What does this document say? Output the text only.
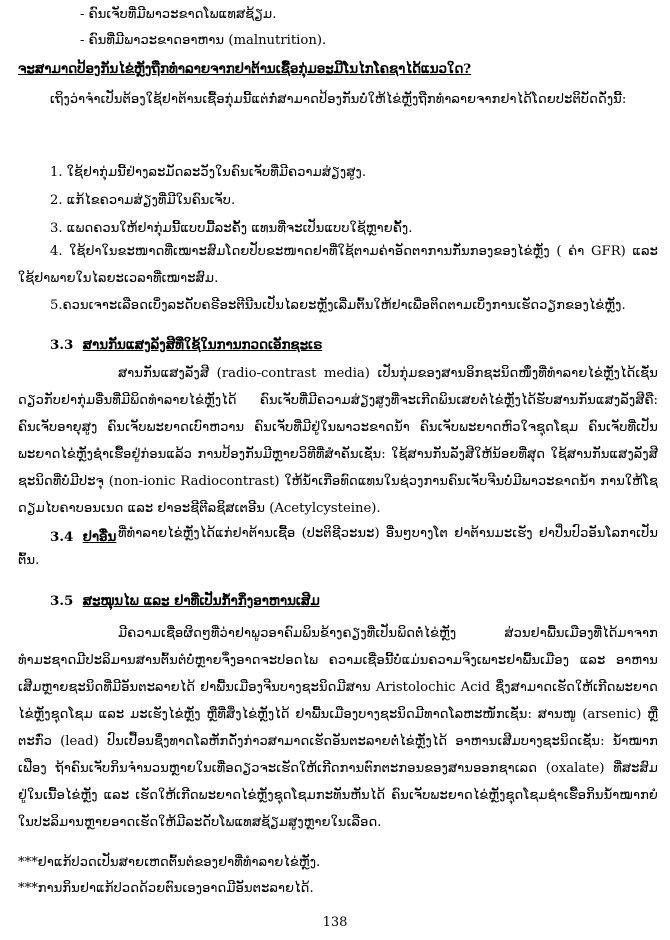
- ຄົນເຈັບທີ່ມີພາວະຂາດໂພແທສຊ້ຽມ.

- ຄົນທີ່ມີພາວະຂາດອາຫານ (malnutrition).

ຈະສາມາດປ້ອງກັນໄຂ່ຫຼັງຖືກທຳລາຍຈາກຢາຕ້ານເຊື້ອກຸ່ມອະມີໂນໄກໂຄຊາໄດ້ແນວໃດ?

ເຖິງວ່າຈຳເປັນຕ້ອງໃຊ້ຢາຕ້ານເຊື້ອກຸ່ມນີ້ແຕ່ກໍ່ສາມາດປ້ອງກັນບໍ່ໃຫ້ໄຂ່ຫຼັງຖືກທຳລາຍຈາກຢາໄດ້ໂດຍປະຕິບັດດັ່ງນີ້:

1. ໃຊ້ຢາກຸ່ມນີ້ຢ່າງລະມັດລະວັງໃນຄົນເຈັບທີ່ມີຄວາມສ່ຽງສູງ.

2. ແກ້ໄຂຄວາມສ່ຽງທີ່ມີໃນຄົນເຈັບ.

3. ແພດຄວນໃຫ້ຢາກຸ່ມນີ້ແບບມື້ລະຄັ້ງ ແທນທີ່ຈະເປັນແບບໃຊ້ຫຼາຍຄັ້ງ.

4. ໃຊ້ຢາໃນຂະໜາດທີ່ເໝາະສົມໂດຍປັບຂະໜາດຢາທີ່ໃຊ້ຕາມຄ່າອັດຕາການກັ່ນກອງຂອງໄຂ່ຫຼັງ ( ຄ່າ GFR) ແລະ ໃຊ້ຢາພາຍໃນໄລຍະເວລາທີ່ເໝາະສົມ.

5.ຄວນເຈາະເລືອດເບິ່ງລະດັບຄຣີອະຕີນີນເປັນໄລຍະຫຼັງເລີ່ມຕົ້ນໃຫ້ຢາເພື່ອຕິດຕາມເບິ່ງການເຮັດວຽກຂອງໄຂ່ຫຼັງ.

3.3 ສານກັນແສງລັງສີທີ່ໃຊ້ໃນການກວດເອັກຊະເຣ

ສານກັນແສງລັງສີ (radio-contrast media) ເປັນກຸ່ມຂອງສານອິກຊະນິດໜຶ່ງທີ່ທຳລາຍໄຂ່ຫຼັງໄດ້ເຊັ່ນດຽວກັບຢາກຸ່ມອື່ນທີ່ມີພິດທຳລາຍໄຂ່ຫຼັງໄດ້ ຄົນເຈັບທີ່ມີຄວາມສ່ຽງສູງທີ່ຈະເກີດພິນເສຍຕໍ່ໄຂ່ຫຼັງໄດ້ຮັບສານກັນແສງລັງສີຄື: ຄົນເຈັບອາຍຸສູງ ຄົນເຈັບພະຍາດເບົາຫວານ ຄົນເຈັບທີ່ມີຢູ່ໃນພາວະຂາດນ້ຳ ຄົນເຈັບພະຍາດຫົວໃຈຊຸດໂຊມ ຄົນເຈັບທີ່ເປັນພະຍາດໄຂ່ຫຼັງຊຳເຮື້ອຢູ່ກ່ອນແລ້ວ ການປ້ອງກັນມີຫຼາຍວິທີທີ່ສຳຄັນເຊັ່ນ: ໃຊ້ສານກັນລັງສີໃຫ້ນ້ອຍທີ່ສຸດ ໃຊ້ສານກັນແສງລັງສີຊະນິດທີ່ບໍ່ມີປະຈຸ (non-ionic Radiocontrast) ໃຫ້ນ້ຳເກືອທົດແທນໃນຊ່ວງການຄົນເຈັບຈີນບໍ່ມີພາວະຂາດນ້ຳ ການໃຫ້ໂຊດຽມໄບຄາບອນເນດ ແລະ ຢາອະຊີຕີລຊິສເຕອີນ (Acetylcysteine).

3.4 ຢາອື່ນ ທີ່ທຳລາຍໄຂ່ຫຼັງໄດ້ແກ່ຢາຕ້ານເຊື້ອ (ປະຕິຊີວະນະ) ອື່ນໆບາງໂຕ ຢາຕ້ານມະເຮັງ ຢາປິ່ນປົວອັນໂລກາເປັນຕົ້ນ.

3.5 ສະໝຸນໄພ ແລະ ຢາທີ່ເປັນກ້ຳກິ່ງອາຫານເສີມ

ມີຄວາມເຊື່ອຜິດໆທີ່ວ່າຢາພູວອາຄົມພິນຂ້າງຄຽງທີ່ເປັນພິດຕໍ່ໄຂ່ຫຼັງ ສ່ວນຢາພື້ນເມືອງທີ່ໄດ້ມາຈາກທຳມະຊາດມີປະລິມານສານຕົ້ນຕໍບໍ່ຫຼາຍຈຶ່ງອາດຈະປອດໄພ ຄວາມເຊື່ອນີ້ບໍ່ແມ່ນຄວາມຈິງເພາະຢາພື້ນເມືອງ ແລະ ອາຫານເສີມຫຼາຍຊະນິດທີ່ມີອັນຕະລາຍໄດ້ ຢາພື້ນເມືອງຈີນບາງຊະນິດມີສານ Aristolochic Acid ຊຶ່ງສາມາດເຮັດໃຫ້ເກີດພະຍາດໄຂ່ຫຼັງຊຸດໂຊມ ແລະ ມະເຮັງໄຂ່ຫຼັງ ຫຼືທີ່ສິ່ງໄຂ່ຫຼັງໄດ້ ຢາພື້ນເມືອງບາງຊະນິດມີທາດໂລຫະໜັກເຊັ່ນ: ສານໜູ (arsenic) ຫຼືຕະກົ່ວ (lead) ປົນເປື້ອນຊຶ່ງທາດໂລຫັກດັ່ງກ່າວສາມາດເຮັດອັນຕະລາຍຕໍ່ໄຂ່ຫຼັງໄດ້ ອາຫານເສີມບາງຊະນິດເຊັ່ນ: ນ້ຳໝາກເຟືອງ ຖ້າຄົນເຈັບກິນຈຳນວນຫຼາຍໃນເທື່ອດຽວຈະເຮັດໃຫ້ເກີດການຕົກຕະກອນຂອງສານອອກຊາເລດ (oxalate) ທີ່ສະສົມຢູ່ໃນເນື້ອໄຂ່ຫຼັງ ແລະ ເຮັດໃຫ້ເກີດພະຍາດໄຂ່ຫຼັງຊຸດໂຊມກະທັນຫັນໄດ້ ຄົນເຈັບພະຍາດໄຂ່ຫຼັງຊຸດໂຊມຊຳເຮື້ອກິນນ້ຳໝາກຍໍໃນປະລິມານຫຼາຍອາດເຮັດໃຫ້ມີລະດັບໂພແທສຊ້ຽມສູງຫຼາຍໃນເລືອດ.

***ຢາແກ້ປວດເປັນສາຍເຫດຕົ້ນຕໍຂອງຢາທີ່ທຳລາຍໄຂ່ຫຼັງ.

***ການກິນຢາແກ້ປວດດ້ວຍຕົນເອງອາດມີອັນຕະລາຍໄດ້.

138
